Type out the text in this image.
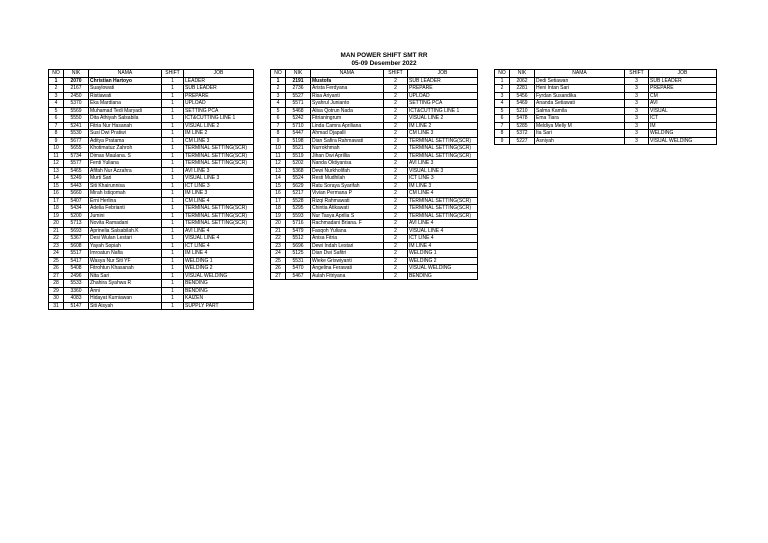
MAN POWER SHIFT SMT RR
05-09 Desember 2022
NO	NIK	NAMA	SHIFT	JOB
1	2070	Christian Hartoyo	1	LEADER
2	2167	Suaylowati	1	SUB LEADER
3	2450	Ristiawati	1	PREPARE
4	5370	Eka Mardiana	1	UPLOAD
5	5569	Muhamad Tedi Maryadi	1	SETTING PCA
6	5550	Dita Athiyah Salsabila	1	ICT&CUTTING LINE 1
7	5241	Fitria Nur Hasanah	1	VISUAL LINE 2
8	5530	Susi Dwi Pratiwi	1	IM LINE 2
9	5677	Aditya Pratama	1	CM LINE 3
10	5655	Khotimatuz Zahroh	1	TERMINAL SETTING(SCR)
11	5734	Dimas Maulana. S	1	TERMINAL SETTING(SCR)
12	5577	Fenti Yuliana	1	TERMINAL SETTING(SCR)
13	5465	Afifah Nur Azzahra	1	AVI LINE 3
14	5249	Murti Sari	1	VISUAL LINE 3
15	5443	Siti Khairunnisa	1	ICT LINE 3
16	5660	Mirah Istiqomah	1	IM LINE 3
17	5407	Erni Herlina	1	CM LINE 4
18	5434	Adelia Febrianti	1	TERMINAL SETTING(SCR)
19	5200	Jumini	1	TERMINAL SETTING(SCR)
20	5713	Novita Ramadani	1	TERMINAL SETTING(SCR)
21	5693	Aprinelia Salsabilah.K	1	AVI LINE 4
22	5367	Desi Wulan Lestari	1	VISUAL LINE 4
23	5608	Yayah Sopiah	1	ICT LINE 4
24	5517	Imroatun Nafia	1	IM LINE 4
25	5417	Wasya Nur Siti YF	1	WELDING 1
26	5408	Fitrohtun Khasanah	1	WELDING 2
27	2496	Nita Sari	1	VISUAL WELDING
28	5533	Zhahira Syahwa R	1	BENDING
29	3360	Anni	1	BENDING
30	4083	Hidayat Kurniawan	1	KAIZEN
31	5147	Siti Aisyah	1	SUPPLY PART
NO	NIK	NAMA	SHIFT	JOB
1	2191	Mustofa	2	SUB LEADER
2	2736	Arista Ferdyana	2	PREPARE
3	5527	Risa Ariyanti	2	UPLOAD
4	5571	Syahrul Junianto	2	SETTING PCA
5	5468	Alisa Qotrun Nada	2	ICT&CUTTING LINE 1
6	5242	Fitrianingrum	2	VISUAL LINE 2
7	5710	Linda Camra Apriliana	2	IM LINE 2
8	5447	Ahmad Djapalli	2	CM LINE 3
9	5198	Dian Safira Rahmawati	2	TERMINAL SETTING(SCR)
10	5521	Nurrokhmah	2	TERMINAL SETTING(SCR)
11	5519	Jihan Dwi Aprillia	2	TERMINAL SETTING(SCR)
12	5202	Nanda Oktiyanisa	2	AVI LINE 3
13	5368	Dewi Nurkholifah	2	VISUAL LINE 3
14	5524	Resti Mudhilah	2	ICT LINE 3
15	5629	Ratu Soraya Syarifah	2	IM LINE 3
16	5217	Vivian Permana P	2	CM LINE 4
17	5528	Rizqi Rahmawati	2	TERMINAL SETTING(SCR)
18	5295	Chintia Atikawati	2	TERMINAL SETTING(SCR)
19	5593	Nur Tasya Aprilia S	2	TERMINAL SETTING(SCR)
20	5716	Rachmadani Briana. F	2	AVI LINE 4
21	5479	Fasqoh Yuliana	2	VISUAL LINE 4
22	5512	Anisa Fitria	2	ICT LINE 4
23	5696	Dewi Indah Lestari	2	IM LINE 4
24	5125	Dian Dwi Safitri	2	WELDING 1
25	5531	Wieke Griswiyanti	2	WELDING 2
26	5470	Angelina Ferawati	2	VISUAL WELDING
27	5467	Aulah Fitriyana	2	BENDING
NO	NIK	NAMA	SHIFT	JOB
1	2062	Dedi Setiawan	3	SUB LEADER
2	2281	Heni Intan Sari	3	PREPARE
3	5456	Fyrdan Susandika	3	CM
4	5469	Ananda Setiawati	3	AVI
5	5210	Salma Kamila	3	VISUAL
6	5478	Ema Tiara	3	ICT
7	5285	Meldiya Melly M	3	IM
8	5372	Ita Sari	3	WELDING
9	5227	Asniyah	3	VISUAL WELDING
